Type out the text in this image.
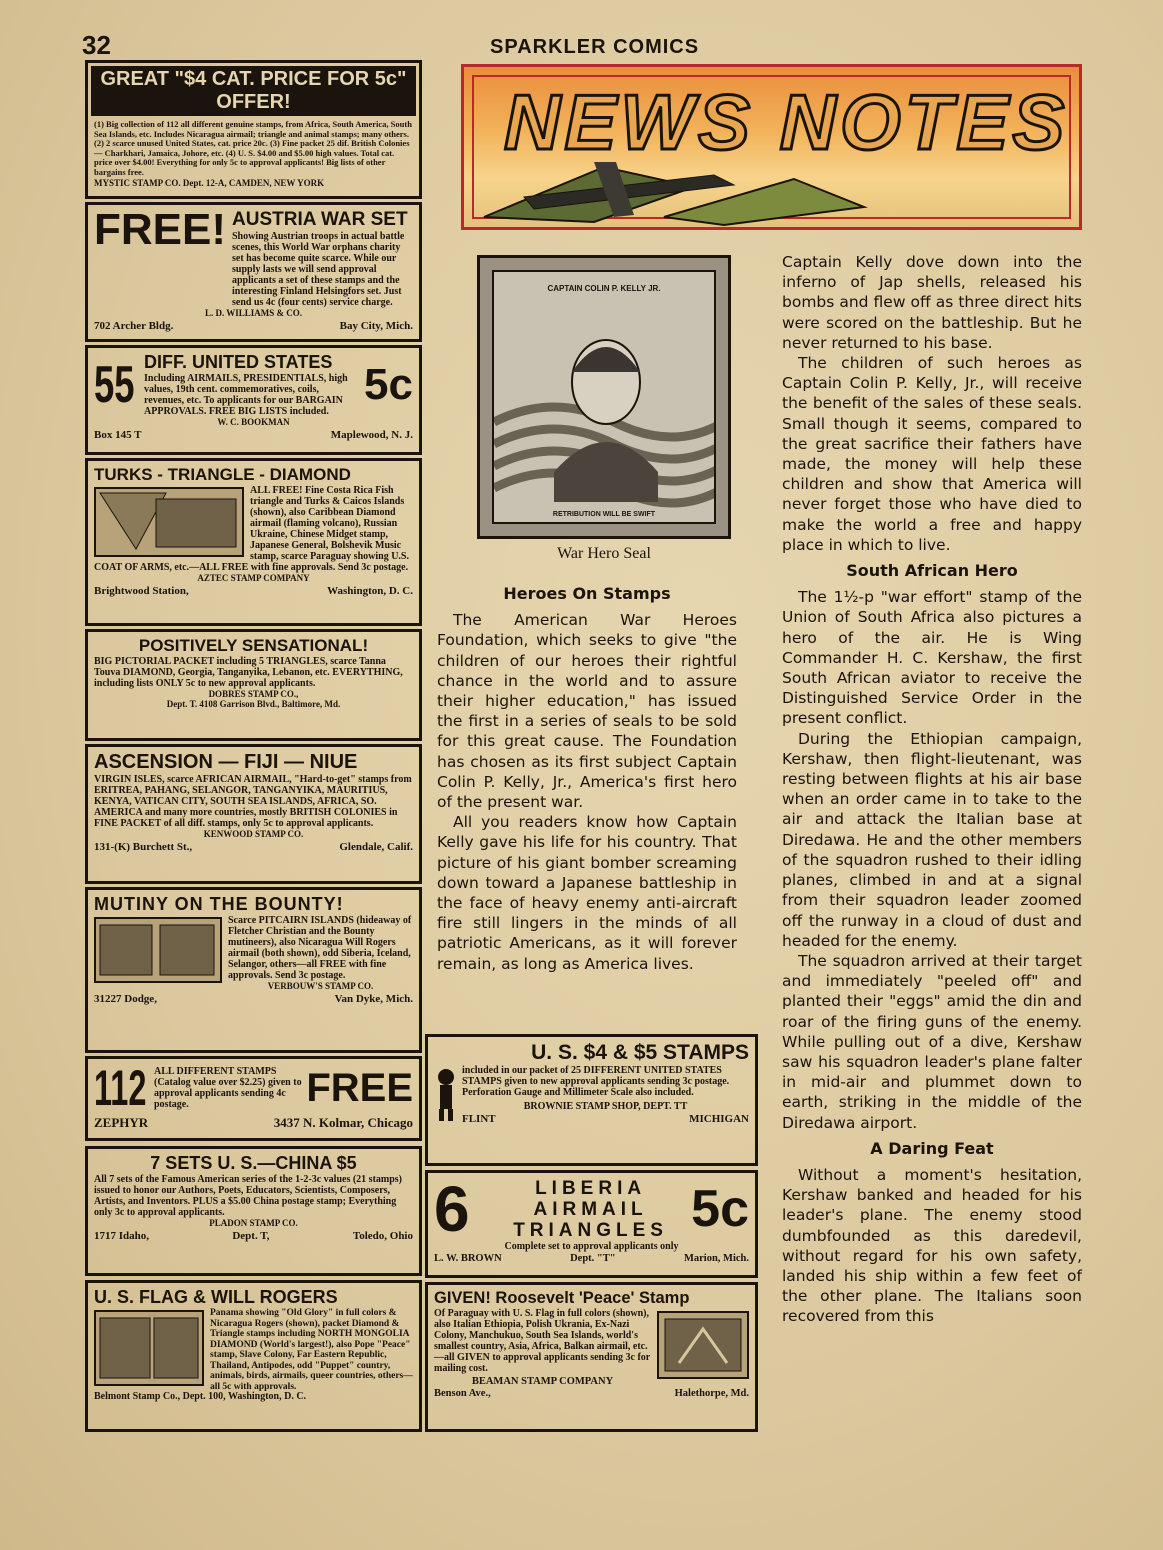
32	SPARKLER COMICS
GREAT "$4 CAT. PRICE FOR 5c" OFFER!
(1) Big collection of 112 all different genuine stamps, from Africa, South America, South Sea Islands, etc. Includes Nicaragua airmail; triangle and animal stamps; many others. (2) 2 scarce unused United States, cat. price 20c. (3) Fine packet 25 dif. British Colonies — Charkhari, Jamaica, Johore, etc. (4) U. S. $4.00 and $5.00 high values. Total cat. price over $4.00! Everything for only 5c to approval applicants! Big lists of other bargains free.
MYSTIC STAMP CO. Dept. 12-A, CAMDEN, NEW YORK
FREE! AUSTRIA WAR SET
Showing Austrian troops in actual battle scenes, this World War orphans charity set has become quite scarce. While our supply lasts we will send approval applicants a set of these stamps and the interesting Finland Helsingfors set. Just send us 4c (four cents) service charge.
L. D. WILLIAMS & CO.
702 Archer Bldg.	Bay City, Mich.
55 DIFF. UNITED STATES
Including AIRMAILS, PRESIDENTIALS, high values, 19th cent. commemoratives, coils, revenues, etc. To applicants for our BARGAIN APPROVALS. FREE BIG LISTS included.
5c
W. C. BOOKMAN
Box 145 T	Maplewood, N. J.
TURKS - TRIANGLE - DIAMOND
ALL FREE! Fine Costa Rica Fish triangle and Turks & Caicos Islands (shown), also Caribbean Diamond airmail (flaming volcano), Russian Ukraine, Chinese Midget stamp, Japanese General, Bolshevik Music stamp, scarce Paraguay showing U.S. COAT OF ARMS, etc.—ALL FREE with fine approvals. Send 3c postage.
AZTEC STAMP COMPANY
Brightwood Station,	Washington, D. C.
POSITIVELY SENSATIONAL!
BIG PICTORIAL PACKET including 5 TRIANGLES, scarce Tanna Touva DIAMOND, Georgia, Tanganyika, Lebanon, etc. EVERYTHING, including lists ONLY 5c to new approval applicants.
DOBRES STAMP CO.,
Dept. T. 4108 Garrison Blvd., Baltimore, Md.
ASCENSION — FIJI — NIUE
VIRGIN ISLES, scarce AFRICAN AIRMAIL, "Hard-to-get" stamps from ERITREA, PAHANG, SELANGOR, TANGANYIKA, MAURITIUS, KENYA, VATICAN CITY, SOUTH SEA ISLANDS, AFRICA, SO. AMERICA and many more countries, mostly BRITISH COLONIES in FINE PACKET of all diff. stamps, only 5c to approval applicants.
KENWOOD STAMP CO.
131-(K) Burchett St.,	Glendale, Calif.
MUTINY ON THE BOUNTY!
Scarce PITCAIRN ISLANDS (hideaway of Fletcher Christian and the Bounty mutineers), also Nicaragua Will Rogers airmail (both shown), odd Siberia, Iceland, Selangor, others—all FREE with fine approvals. Send 3c postage.
VERBOUW'S STAMP CO.
31227 Dodge,	Van Dyke, Mich.
112 ALL DIFFERENT STAMPS (Catalog value over $2.25) given to approval applicants sending 4c postage.	FREE
ZEPHYR	3437 N. Kolmar, Chicago
7 SETS U. S.—CHINA $5
All 7 sets of the Famous American series of the 1-2-3c values (21 stamps) issued to honor our Authors, Poets, Educators, Scientists, Composers, Artists, and Inventors. PLUS a $5.00 China postage stamp; Everything only 3c to approval applicants.
PLADON STAMP CO.
1717 Idaho,	Dept. T,	Toledo, Ohio
U. S. FLAG & WILL ROGERS
Panama showing "Old Glory" in full colors & Nicaragua Rogers (shown), packet Diamond & Triangle stamps including NORTH MONGOLIA DIAMOND (World's largest!), also Pope "Peace" stamp, Slave Colony, Far Eastern Republic, Thailand, Antipodes, odd "Puppet" country, animals, birds, airmails, queer countries, others—all 5c with approvals.
Belmont Stamp Co., Dept. 100, Washington, D. C.
NEWS NOTES
CAPTAIN COLIN P. KELLY JR.
RETRIBUTION WILL BE SWIFT
War Hero Seal
Heroes On Stamps

The American War Heroes Foundation, which seeks to give "the children of our heroes their rightful chance in the world and to assure their higher education," has issued the first in a series of seals to be sold for this great cause. The Foundation has chosen as its first subject Captain Colin P. Kelly, Jr., America's first hero of the present war.

All you readers know how Captain Kelly gave his life for his country. That picture of his giant bomber screaming down toward a Japanese battleship in the face of heavy enemy anti-aircraft fire still lingers in the minds of all patriotic Americans, as it will forever remain, as long as America lives.

U. S. $4 & $5 STAMPS
included in our packet of 25 DIFFERENT UNITED STATES STAMPS given to new approval applicants sending 3c postage. Perforation Gauge and Millimeter Scale also included.
BROWNIE STAMP SHOP, DEPT. TT
FLINT	MICHIGAN
6	LIBERIA
AIRMAIL
TRIANGLES 5c
Complete set to approval applicants only
L. W. BROWN	Dept. "T"	Marion, Mich.
GIVEN! Roosevelt 'Peace' Stamp
Of Paraguay with U. S. Flag in full colors (shown), also Italian Ethiopia, Polish Ukrania, Ex-Nazi Colony, Manchukuo, South Sea Islands, world's smallest country, Asia, Africa, Balkan airmail, etc.—all GIVEN to approval applicants sending 3c for mailing cost.
BEAMAN STAMP COMPANY
Benson Ave.,	Halethorpe, Md.

Captain Kelly dove down into the inferno of Jap shells, released his bombs and flew off as three direct hits were scored on the battleship. But he never returned to his base.

The children of such heroes as Captain Colin P. Kelly, Jr., will receive the benefit of the sales of these seals. Small though it seems, compared to the great sacrifice their fathers have made, the money will help these children and show that America will never forget those who have died to make the world a free and happy place in which to live.

South African Hero

The 1½-p "war effort" stamp of the Union of South Africa also pictures a hero of the air. He is Wing Commander H. C. Kershaw, the first South African aviator to receive the Distinguished Service Order in the present conflict.

During the Ethiopian campaign, Kershaw, then flight-lieutenant, was resting between flights at his air base when an order came in to take to the air and attack the Italian base at Diredawa. He and the other members of the squadron rushed to their idling planes, climbed in and at a signal from their squadron leader zoomed off the runway in a cloud of dust and headed for the enemy.

The squadron arrived at their target and immediately "peeled off" and planted their "eggs" amid the din and roar of the firing guns of the enemy. While pulling out of a dive, Kershaw saw his squadron leader's plane falter in mid-air and plummet down to earth, striking in the middle of the Diredawa airport.

A Daring Feat

Without a moment's hesitation, Kershaw banked and headed for his leader's plane. The enemy stood dumbfounded as this daredevil, without regard for his own safety, landed his ship within a few feet of the other plane. The Italians soon recovered from this
